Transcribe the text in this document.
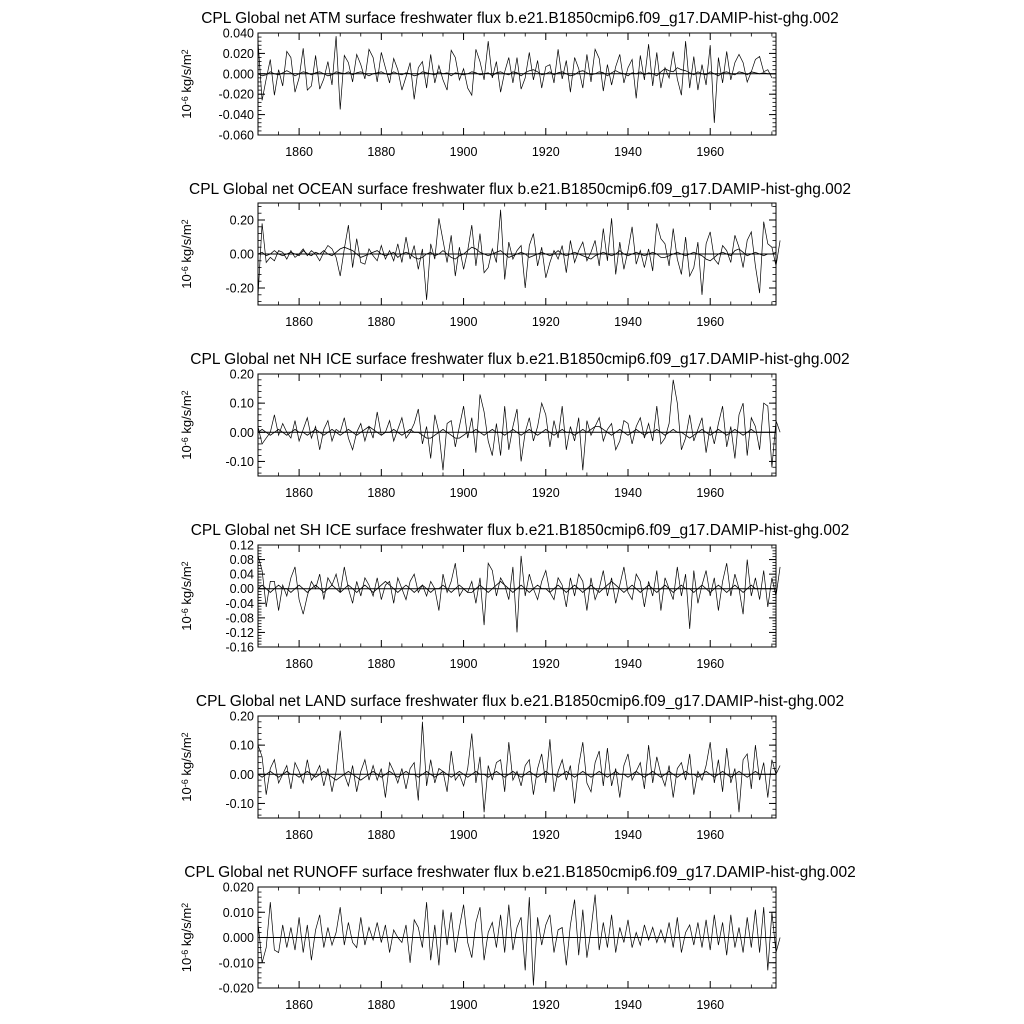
CPL Global net ATM surface freshwater flux b.e21.B1850cmip6.f09_g17.DAMIP-hist-ghg.002
-0.060
-0.040
-0.020
0.000
0.020
0.040
1860	1880	1900	1920	1940	1960
10-6 kg/s/m2
CPL Global net OCEAN surface freshwater flux b.e21.B1850cmip6.f09_g17.DAMIP-hist-ghg.002
-0.20
0.00
0.20
1860	1880	1900	1920	1940	1960
10-6 kg/s/m2
CPL Global net NH ICE surface freshwater flux b.e21.B1850cmip6.f09_g17.DAMIP-hist-ghg.002
-0.10
0.00
0.10
0.20
1860	1880	1900	1920	1940	1960
10-6 kg/s/m2
CPL Global net SH ICE surface freshwater flux b.e21.B1850cmip6.f09_g17.DAMIP-hist-ghg.002
-0.16
-0.12
-0.08
-0.04
0.00
0.04
0.08
0.12
1860	1880	1900	1920	1940	1960
10-6 kg/s/m2
CPL Global net LAND surface freshwater flux b.e21.B1850cmip6.f09_g17.DAMIP-hist-ghg.002
-0.10
0.00
0.10
0.20
1860	1880	1900	1920	1940	1960
10-6 kg/s/m2
CPL Global net RUNOFF surface freshwater flux b.e21.B1850cmip6.f09_g17.DAMIP-hist-ghg.002
-0.020
-0.010
0.000
0.010
0.020
1860	1880	1900	1920	1940	1960
10-6 kg/s/m2
